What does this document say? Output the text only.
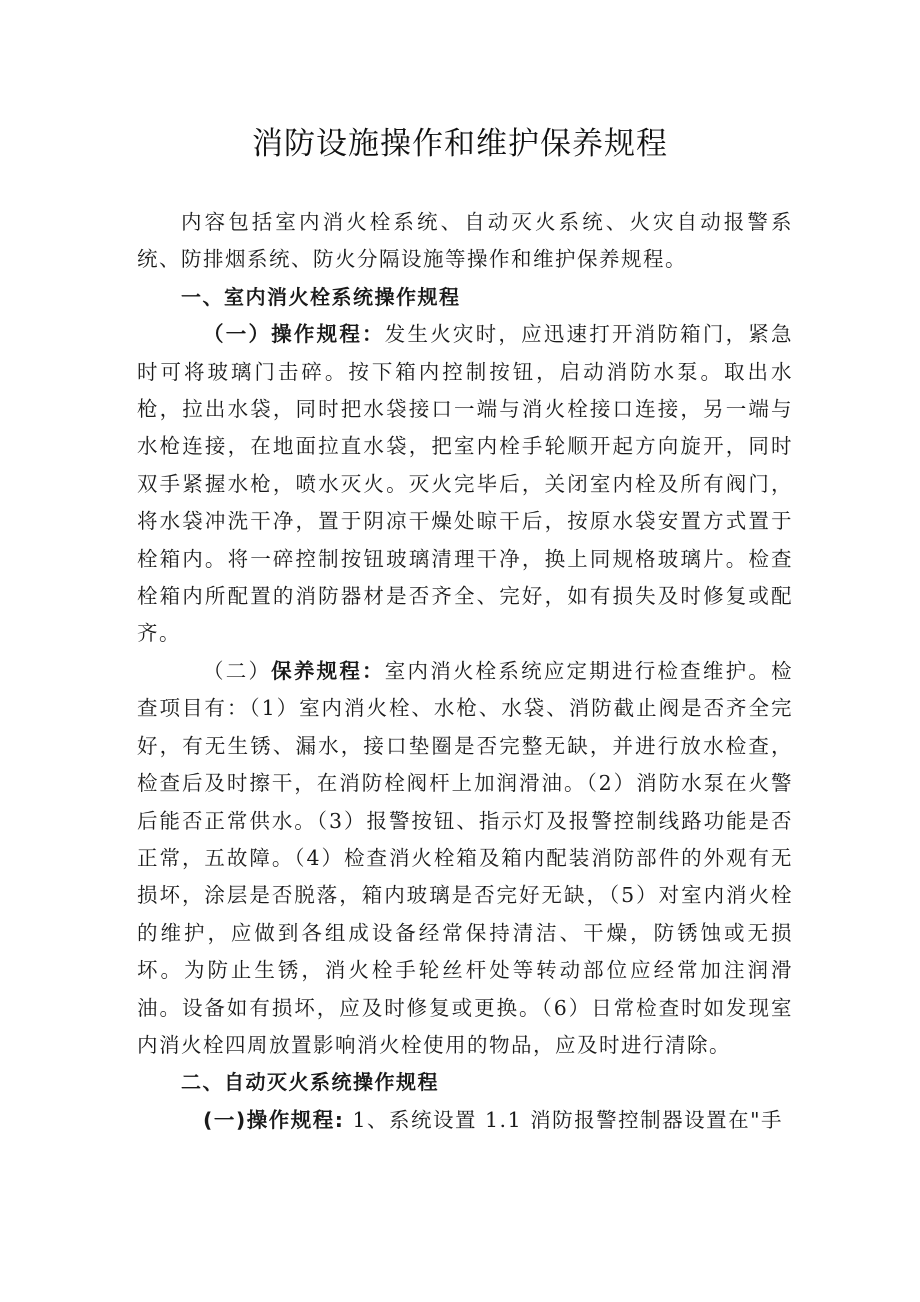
消防设施操作和维护保养规程

内容包括室内消火栓系统、自动灭火系统、火灾自动报警系统、防排烟系统、防火分隔设施等操作和维护保养规程。

一、室内消火栓系统操作规程

（一）操作规程：发生火灾时，应迅速打开消防箱门，紧急时可将玻璃门击碎。按下箱内控制按钮，启动消防水泵。取出水枪，拉出水袋，同时把水袋接口一端与消火栓接口连接，另一端与水枪连接，在地面拉直水袋，把室内栓手轮顺开起方向旋开，同时双手紧握水枪，喷水灭火。灭火完毕后，关闭室内栓及所有阀门，将水袋冲洗干净，置于阴凉干燥处晾干后，按原水袋安置方式置于栓箱内。将一碎控制按钮玻璃清理干净，换上同规格玻璃片。检查栓箱内所配置的消防器材是否齐全、完好，如有损失及时修复或配齐。

（二）保养规程：室内消火栓系统应定期进行检查维护。检查项目有：（1）室内消火栓、水枪、水袋、消防截止阀是否齐全完好，有无生锈、漏水，接口垫圈是否完整无缺，并进行放水检查，检查后及时擦干，在消防栓阀杆上加润滑油。（2）消防水泵在火警后能否正常供水。（3）报警按钮、指示灯及报警控制线路功能是否正常，五故障。（4）检查消火栓箱及箱内配装消防部件的外观有无损坏，涂层是否脱落，箱内玻璃是否完好无缺，（5）对室内消火栓的维护，应做到各组成设备经常保持清洁、干燥，防锈蚀或无损坏。为防止生锈，消火栓手轮丝杆处等转动部位应经常加注润滑油。设备如有损坏，应及时修复或更换。（6）日常检查时如发现室内消火栓四周放置影响消火栓使用的物品，应及时进行清除。

二、自动灭火系统操作规程

(一)操作规程: 1、系统设置 1.1 消防报警控制器设置在"手
